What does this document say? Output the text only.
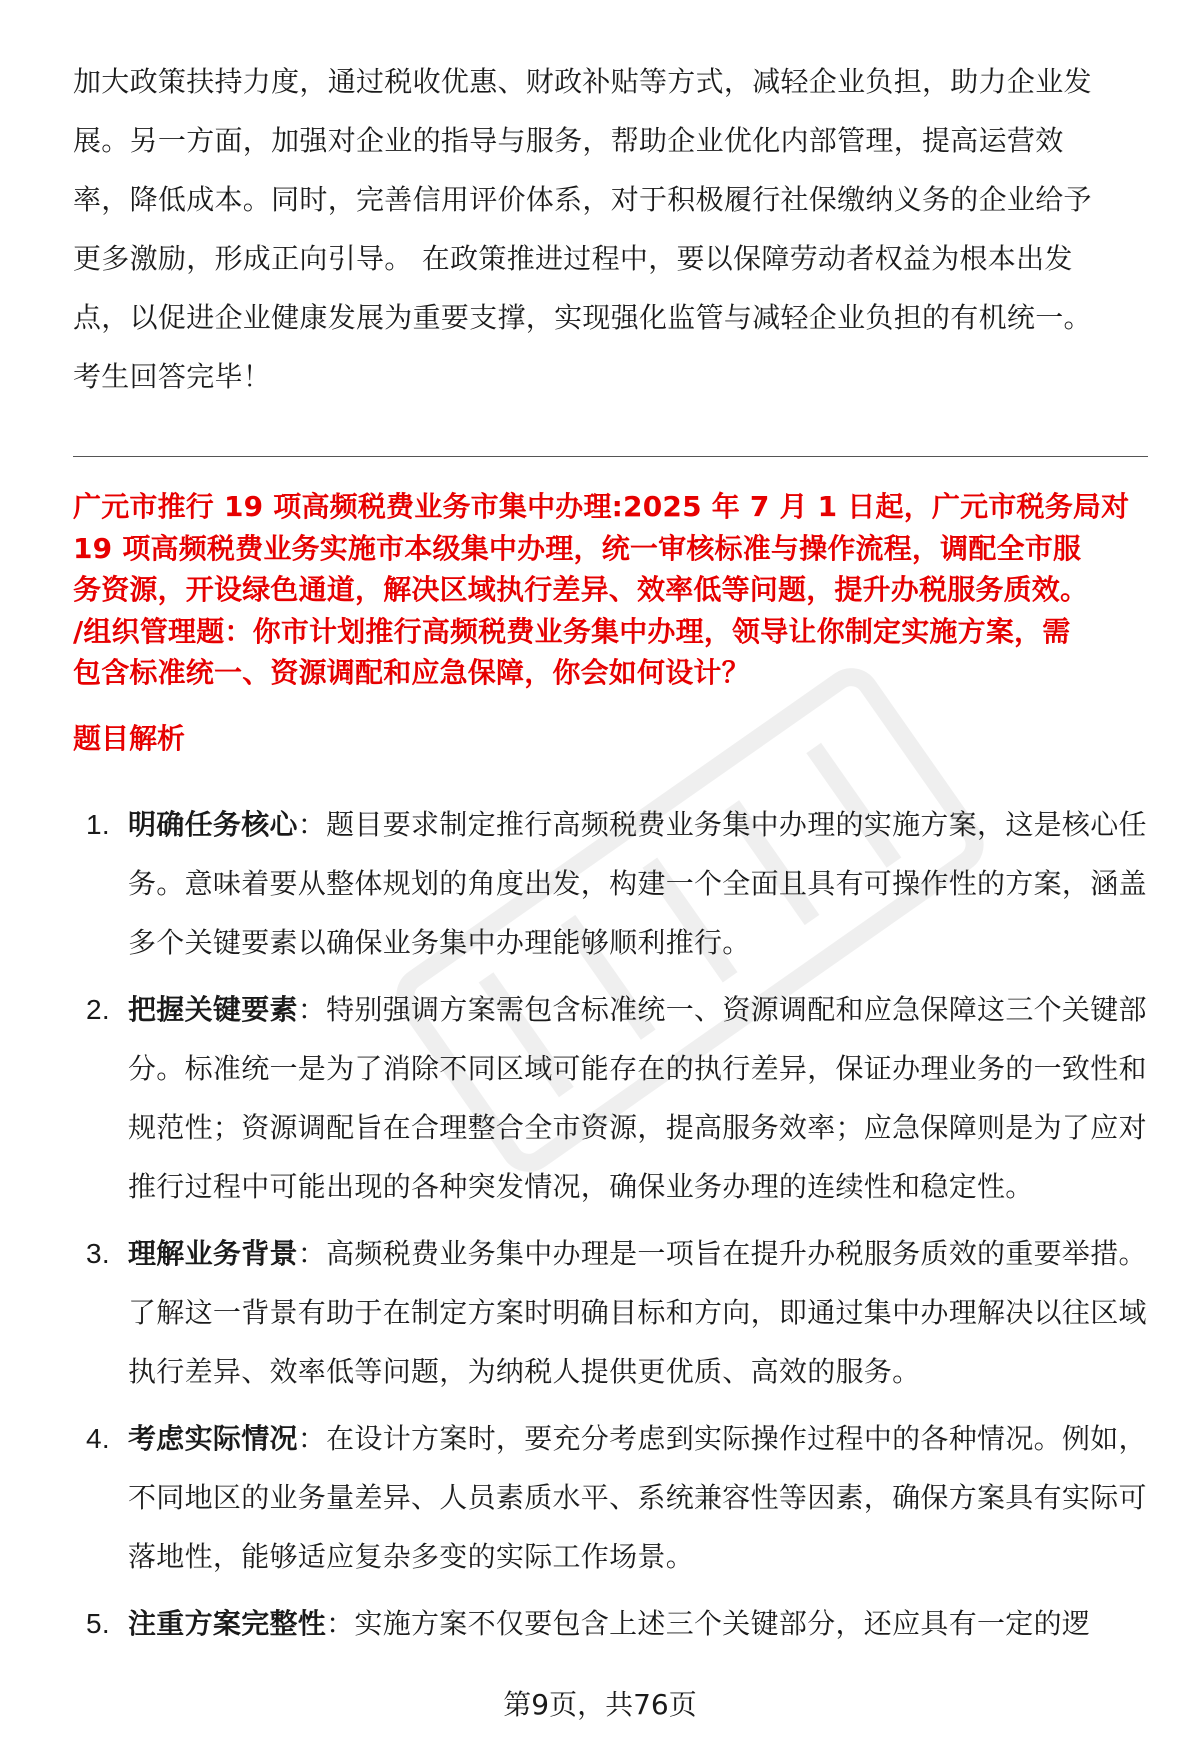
加大政策扶持力度，通过税收优惠、财政补贴等方式，减轻企业负担，助力企业发

展。另一方面，加强对企业的指导与服务，帮助企业优化内部管理，提高运营效

率，降低成本。同时，完善信用评价体系，对于积极履行社保缴纳义务的企业给予

更多激励，形成正向引导。 在政策推进过程中，要以保障劳动者权益为根本出发

点，以促进企业健康发展为重要支撑，实现强化监管与减轻企业负担的有机统一。

考生回答完毕！

广元市推行 19 项高频税费业务市集中办理:2025 年 7 月 1 日起，广元市税务局对

19 项高频税费业务实施市本级集中办理，统一审核标准与操作流程，调配全市服

务资源，开设绿色通道，解决区域执行差异、效率低等问题，提升办税服务质效。

/组织管理题：你市计划推行高频税费业务集中办理，领导让你制定实施方案，需

包含标准统一、资源调配和应急保障，你会如何设计？

题目解析
1. 明确任务核心：题目要求制定推行高频税费业务集中办理的实施方案，这是核心任务。意味着要从整体规划的角度出发，构建一个全面且具有可操作性的方案，涵盖多个关键要素以确保业务集中办理能够顺利推行。
2. 把握关键要素：特别强调方案需包含标准统一、资源调配和应急保障这三个关键部分。标准统一是为了消除不同区域可能存在的执行差异，保证办理业务的一致性和规范性；资源调配旨在合理整合全市资源，提高服务效率；应急保障则是为了应对推行过程中可能出现的各种突发情况，确保业务办理的连续性和稳定性。
3. 理解业务背景：高频税费业务集中办理是一项旨在提升办税服务质效的重要举措。了解这一背景有助于在制定方案时明确目标和方向，即通过集中办理解决以往区域执行差异、效率低等问题，为纳税人提供更优质、高效的服务。
4. 考虑实际情况：在设计方案时，要充分考虑到实际操作过程中的各种情况。例如，不同地区的业务量差异、人员素质水平、系统兼容性等因素，确保方案具有实际可落地性，能够适应复杂多变的实际工作场景。
5. 注重方案完整性：实施方案不仅要包含上述三个关键部分，还应具有一定的逻
第9页，共76页
